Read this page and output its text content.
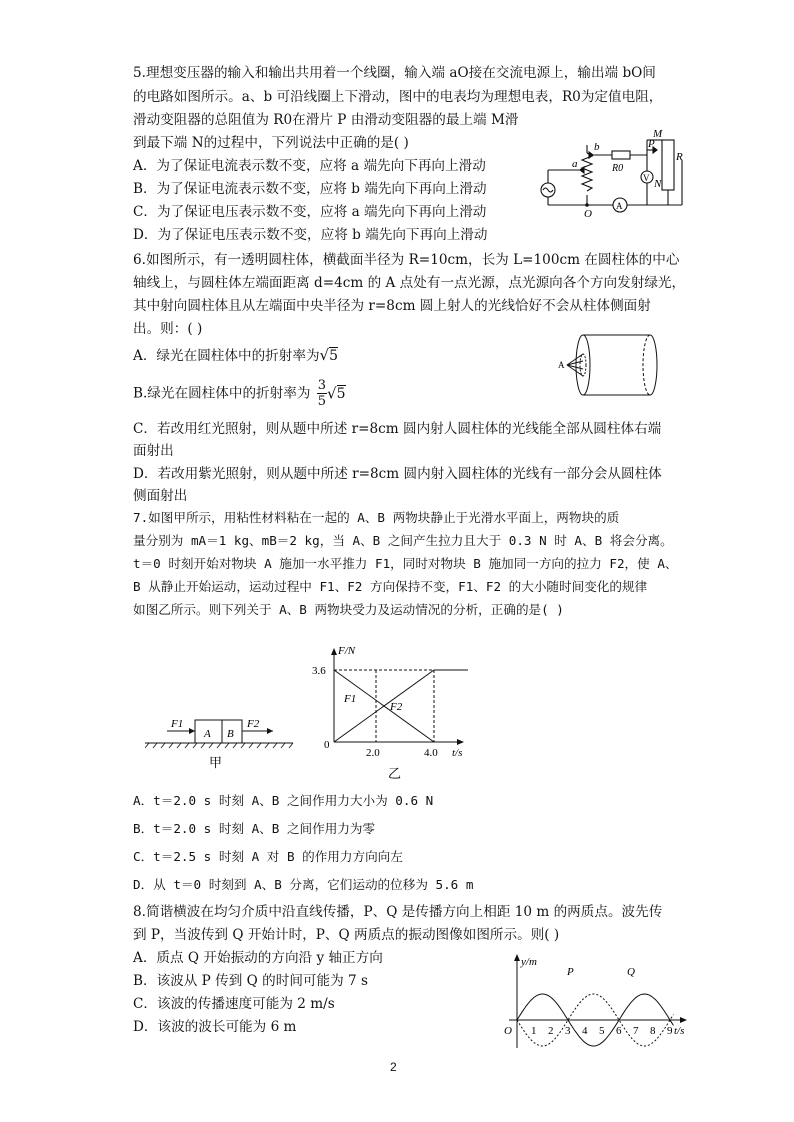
5.理想变压器的输入和输出共用着一个线圈，输入端 aO接在交流电源上，输出端 bO间

的电路如图所示。a、b 可沿线圈上下滑动，图中的电表均为理想电表，R0为定值电阻，

滑动变阻器的总阻值为 R0在滑片 P 由滑动变阻器的最上端 M滑

到最下端 N的过程中，下列说法中正确的是( )

A．为了保证电流表示数不变，应将 a 端先向下再向上滑动

B．为了保证电流表示数不变，应将 b 端先向下再向上滑动

C．为了保证电压表示数不变，应将 a 端先向下再向上滑动

D．为了保证电压表示数不变，应将 b 端先向下再向上滑动

M
P
R
b
a	R0
V N
O
A

6.如图所示，有一透明圆柱体，横截面半径为 R=10cm，长为 L=100cm 在圆柱体的中心

轴线上，与圆柱体左端面距离 d=4cm 的 A 点处有一点光源，点光源向各个方向发射绿光，

其中射向圆柱体且从左端面中央半径为 r=8cm 圆上射人的光线恰好不会从柱体侧面射

出。则：( )

A．绿光在圆柱体中的折射率为√5

B.绿光在圆柱体中的折射率为 $\frac{3}{5} √5$

C．若改用红光照射，则从题中所述 r=8cm 圆内射人圆柱体的光线能全部从圆柱体右端

面射出

D．若改用紫光照射，则从题中所述 r=8cm 圆内射入圆柱体的光线有一部分会从圆柱体

侧面射出

A

7.如图甲所示，用粘性材料粘在一起的 A、B 两物块静止于光滑水平面上，两物块的质

量分别为 mA＝1 kg、mB＝2 kg，当 A、B 之间产生拉力且大于 0.3 N 时 A、B 将会分离。

t＝0 时刻开始对物块 A 施加一水平推力 F1，同时对物块 B 施加同一方向的拉力 F2，使 A、

B 从静止开始运动，运动过程中 F1、F2 方向保持不变，F1、F2 的大小随时间变化的规律

如图乙所示。则下列关于 A、B 两物块受力及运动情况的分析，正确的是( )

F1	F2
A B
甲
F/N
3.6
0
2.0	4.0 t/s
F1
F2
乙

A．t＝2.0 s 时刻 A、B 之间作用力大小为 0.6 N

B．t＝2.0 s 时刻 A、B 之间作用力为零

C．t＝2.5 s 时刻 A 对 B 的作用力方向向左

D．从 t＝0 时刻到 A、B 分离，它们运动的位移为 5.6 m

8.简谐横波在均匀介质中沿直线传播，P、Q 是传播方向上相距 10 m 的两质点。波先传

到 P，当波传到 Q 开始计时，P、Q 两质点的振动图像如图所示。则( )

A．质点 Q 开始振动的方向沿 y 轴正方向

B．该波从 P 传到 Q 的时间可能为 7 s

C．该波的传播速度可能为 2 m/s

D．该波的波长可能为 6 m

y/m
P	Q
O 1 2 3 4 5 6 7 8 9 t/s
2
